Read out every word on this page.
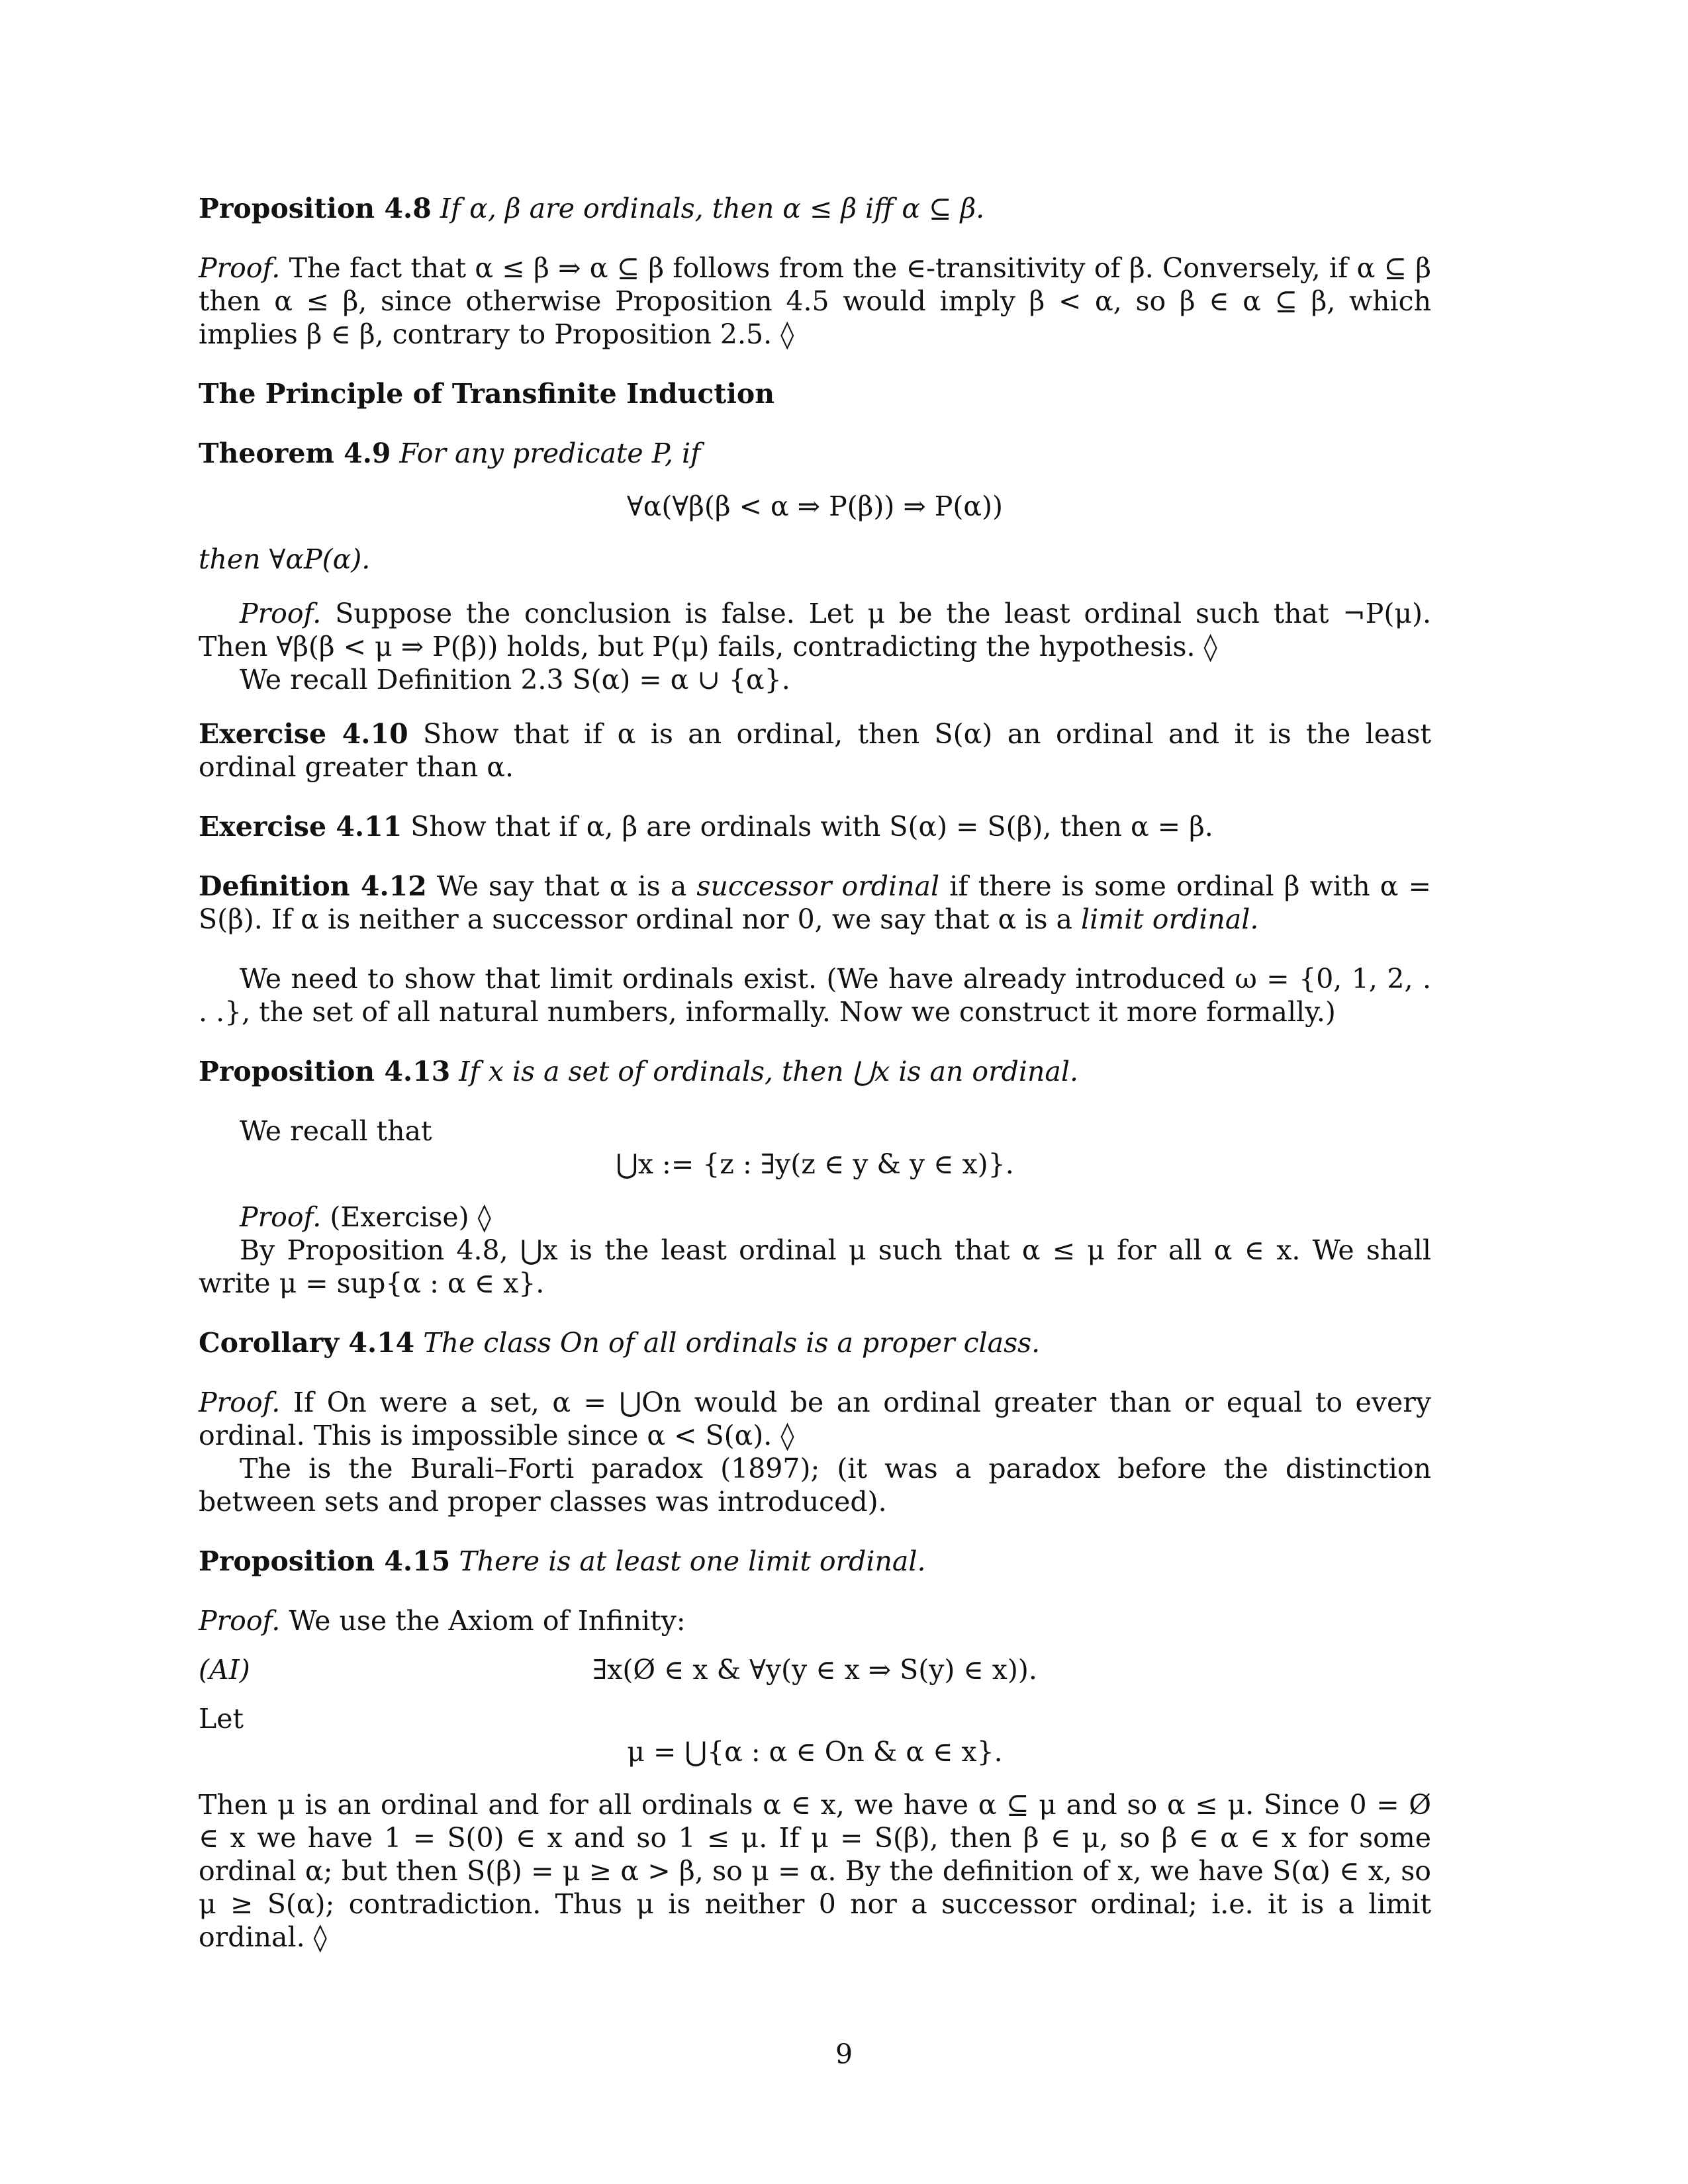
Proposition 4.8 If α, β are ordinals, then α ≤ β iff α ⊆ β.

Proof. The fact that α ≤ β ⇒ α ⊆ β follows from the ∈-transitivity of β. Conversely, if α ⊆ β then α ≤ β, since otherwise Proposition 4.5 would imply β < α, so β ∈ α ⊆ β, which implies β ∈ β, contrary to Proposition 2.5. ◊

The Principle of Transfinite Induction

Theorem 4.9 For any predicate P, if

∀α(∀β(β < α ⇒ P(β)) ⇒ P(α))

then ∀αP(α).

Proof. Suppose the conclusion is false. Let μ be the least ordinal such that ¬P(μ). Then ∀β(β < μ ⇒ P(β)) holds, but P(μ) fails, contradicting the hypothesis. ◊

We recall Definition 2.3 S(α) = α ∪ {α}.

Exercise 4.10 Show that if α is an ordinal, then S(α) an ordinal and it is the least ordinal greater than α.

Exercise 4.11 Show that if α, β are ordinals with S(α) = S(β), then α = β.

Definition 4.12 We say that α is a successor ordinal if there is some ordinal β with α = S(β). If α is neither a successor ordinal nor 0, we say that α is a limit ordinal.

We need to show that limit ordinals exist. (We have already introduced ω = {0, 1, 2, . . .}, the set of all natural numbers, informally. Now we construct it more formally.)

Proposition 4.13 If x is a set of ordinals, then ⋃x is an ordinal.

We recall that

⋃x := {z : ∃y(z ∈ y & y ∈ x)}.

Proof. (Exercise) ◊

By Proposition 4.8, ⋃x is the least ordinal μ such that α ≤ μ for all α ∈ x. We shall write μ = sup{α : α ∈ x}.

Corollary 4.14 The class On of all ordinals is a proper class.

Proof. If On were a set, α = ⋃On would be an ordinal greater than or equal to every ordinal. This is impossible since α < S(α). ◊

The is the Burali–Forti paradox (1897); (it was a paradox before the distinction between sets and proper classes was introduced).

Proposition 4.15 There is at least one limit ordinal.

Proof. We use the Axiom of Infinity:

(AI)	∃x(Ø ∈ x & ∀y(y ∈ x ⇒ S(y) ∈ x)).

Let

μ = ⋃{α : α ∈ On & α ∈ x}.

Then μ is an ordinal and for all ordinals α ∈ x, we have α ⊆ μ and so α ≤ μ. Since 0 = Ø ∈ x we have 1 = S(0) ∈ x and so 1 ≤ μ. If μ = S(β), then β ∈ μ, so β ∈ α ∈ x for some ordinal α; but then S(β) = μ ≥ α > β, so μ = α. By the definition of x, we have S(α) ∈ x, so μ ≥ S(α); contradiction. Thus μ is neither 0 nor a successor ordinal; i.e. it is a limit ordinal. ◊

9
